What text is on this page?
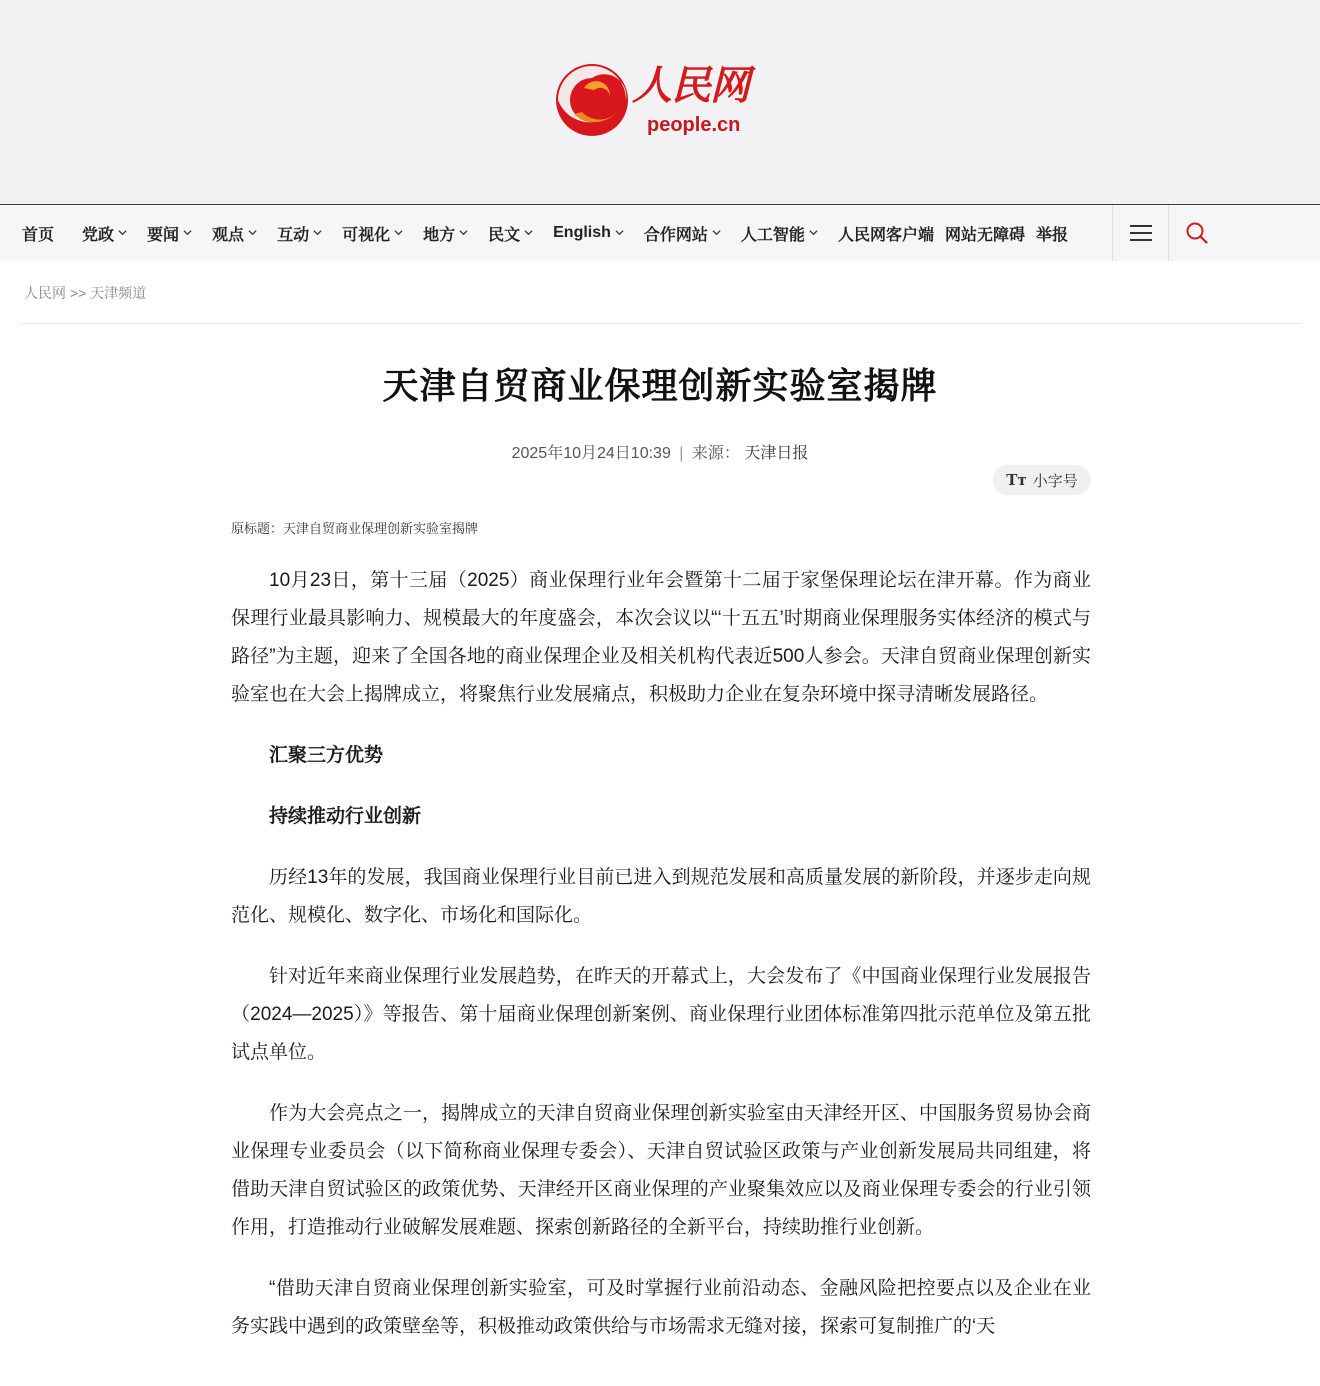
人民网
people.cn
首页 党政 要闻 观点 互动 可视化 地方 民文 English 合作网站 人工智能 人民网客户端 网站无障碍 举报
人民网 >> 天津频道
天津自贸商业保理创新实验室揭牌
2025年10月24日10:39 | 来源： 天津日报
Tт 小字号
原标题：天津自贸商业保理创新实验室揭牌

10月23日，第十三届（2025）商业保理行业年会暨第十二届于家堡保理论坛在津开幕。作为商业保理行业最具影响力、规模最大的年度盛会，本次会议以“‘十五五’时期商业保理服务实体经济的模式与路径”为主题，迎来了全国各地的商业保理企业及相关机构代表近500人参会。天津自贸商业保理创新实验室也在大会上揭牌成立，将聚焦行业发展痛点，积极助力企业在复杂环境中探寻清晰发展路径。

汇聚三方优势

持续推动行业创新

历经13年的发展，我国商业保理行业目前已进入到规范发展和高质量发展的新阶段，并逐步走向规范化、规模化、数字化、市场化和国际化。

针对近年来商业保理行业发展趋势，在昨天的开幕式上，大会发布了《中国商业保理行业发展报告（2024—2025）》等报告、第十届商业保理创新案例、商业保理行业团体标准第四批示范单位及第五批试点单位。

作为大会亮点之一，揭牌成立的天津自贸商业保理创新实验室由天津经开区、中国服务贸易协会商业保理专业委员会（以下简称商业保理专委会）、天津自贸试验区政策与产业创新发展局共同组建，将借助天津自贸试验区的政策优势、天津经开区商业保理的产业聚集效应以及商业保理专委会的行业引领作用，打造推动行业破解发展难题、探索创新路径的全新平台，持续助推行业创新。

“借助天津自贸商业保理创新实验室，可及时掌握行业前沿动态、金融风险把控要点以及企业在业务实践中遇到的政策壁垒等，积极推动政策供给与市场需求无缝对接，探索可复制推广的‘天
